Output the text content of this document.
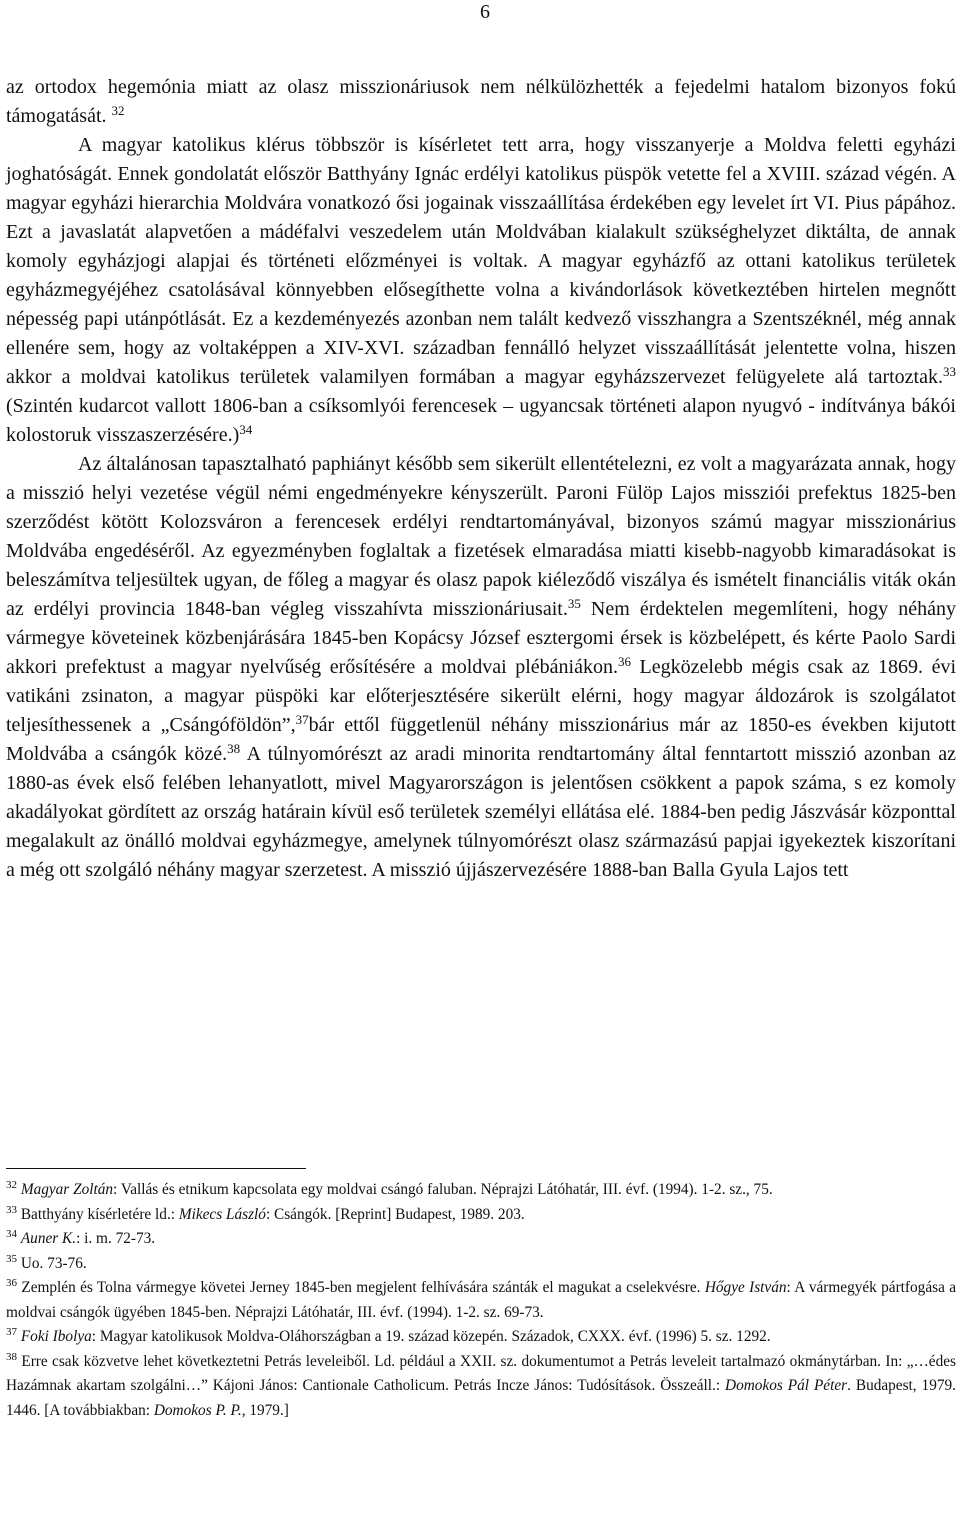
6

az ortodox hegemónia miatt az olasz misszionáriusok nem nélkülözhették a fejedelmi hatalom bizonyos fokú támogatását. $^{32}$

A magyar katolikus klérus többször is kísérletet tett arra, hogy visszanyerje a Moldva feletti egyházi joghatóságát. Ennek gondolatát először Batthyány Ignác erdélyi katolikus püspök vetette fel a XVIII. század végén. A magyar egyházi hierarchia Moldvára vonatkozó ősi jogainak visszaállítása érdekében egy levelet írt VI. Pius pápához. Ezt a javaslatát alapvetően a mádéfalvi veszedelem után Moldvában kialakult szükséghelyzet diktálta, de annak komoly egyházjogi alapjai és történeti előzményei is voltak. A magyar egyházfő az ottani katolikus területek egyházmegyéjéhez csatolásával könnyebben elősegíthette volna a kivándorlások következtében hirtelen megnőtt népesség papi utánpótlását. Ez a kezdeményezés azonban nem talált kedvező visszhangra a Szentszéknél, még annak ellenére sem, hogy az voltaképpen a XIV-XVI. században fennálló helyzet visszaállítását jelentette volna, hiszen akkor a moldvai katolikus területek valamilyen formában a magyar egyházszervezet felügyelete alá tartoztak.$^{33}$ (Szintén kudarcot vallott 1806-ban a csíksomlyói ferencesek – ugyancsak történeti alapon nyugvó - indítványa bákói kolostoruk visszaszerzésére.)$^{34}$

Az általánosan tapasztalható paphiányt később sem sikerült ellentételezni, ez volt a magyarázata annak, hogy a misszió helyi vezetése végül némi engedményekre kényszerült. Paroni Fülöp Lajos missziói prefektus 1825-ben szerződést kötött Kolozsváron a ferencesek erdélyi rendtartományával, bizonyos számú magyar misszionárius Moldvába engedéséről. Az egyezményben foglaltak a fizetések elmaradása miatti kisebb-nagyobb kimaradásokat is beleszámítva teljesültek ugyan, de főleg a magyar és olasz papok kiéleződő viszálya és ismételt financiális viták okán az erdélyi provincia 1848-ban végleg visszahívta misszionáriusait.$^{35}$ Nem érdektelen megemlíteni, hogy néhány vármegye követeinek közbenjárására 1845-ben Kopácsy József esztergomi érsek is közbelépett, és kérte Paolo Sardi akkori prefektust a magyar nyelvűség erősítésére a moldvai plébániákon.$^{36}$ Legközelebb mégis csak az 1869. évi vatikáni zsinaton, a magyar püspöki kar előterjesztésére sikerült elérni, hogy magyar áldozárok is szolgálatot teljesíthessenek a „Csángóföldön”,$^{37}$bár ettől függetlenül néhány misszionárius már az 1850-es években kijutott Moldvába a csángók közé.$^{38}$ A túlnyomórészt az aradi minorita rendtartomány által fenntartott misszió azonban az 1880-as évek első felében lehanyatlott, mivel Magyarországon is jelentősen csökkent a papok száma, s ez komoly akadályokat gördített az ország határain kívül eső területek személyi ellátása elé. 1884-ben pedig Jászvásár központtal megalakult az önálló moldvai egyházmegye, amelynek túlnyomórészt olasz származású papjai igyekeztek kiszorítani a még ott szolgáló néhány magyar szerzetest. A misszió újjászervezésére 1888-ban Balla Gyula Lajos tett

$^{32}$ Magyar Zoltán: Vallás és etnikum kapcsolata egy moldvai csángó faluban. Néprajzi Látóhatár, III. évf. (1994). 1-2. sz., 75.

$^{33}$ Batthyány kísérletére ld.: Mikecs László: Csángók. [Reprint] Budapest, 1989. 203.

$^{34}$ Auner K.: i. m. 72-73.

$^{35}$ Uo. 73-76.

$^{36}$ Zemplén és Tolna vármegye követei Jerney 1845-ben megjelent felhívására szánták el magukat a cselekvésre. Hőgye István: A vármegyék pártfogása a moldvai csángók ügyében 1845-ben. Néprajzi Látóhatár, III. évf. (1994). 1-2. sz. 69-73.

$^{37}$ Foki Ibolya: Magyar katolikusok Moldva-Oláhországban a 19. század közepén. Századok, CXXX. évf. (1996) 5. sz. 1292.

$^{38}$ Erre csak közvetve lehet következtetni Petrás leveleiből. Ld. például a XXII. sz. dokumentumot a Petrás leveleit tartalmazó okmánytárban. In: „…édes Hazámnak akartam szolgálni…” Kájoni János: Cantionale Catholicum. Petrás Incze János: Tudósítások. Összeáll.: Domokos Pál Péter. Budapest, 1979. 1446. [A továbbiakban: Domokos P. P., 1979.]
